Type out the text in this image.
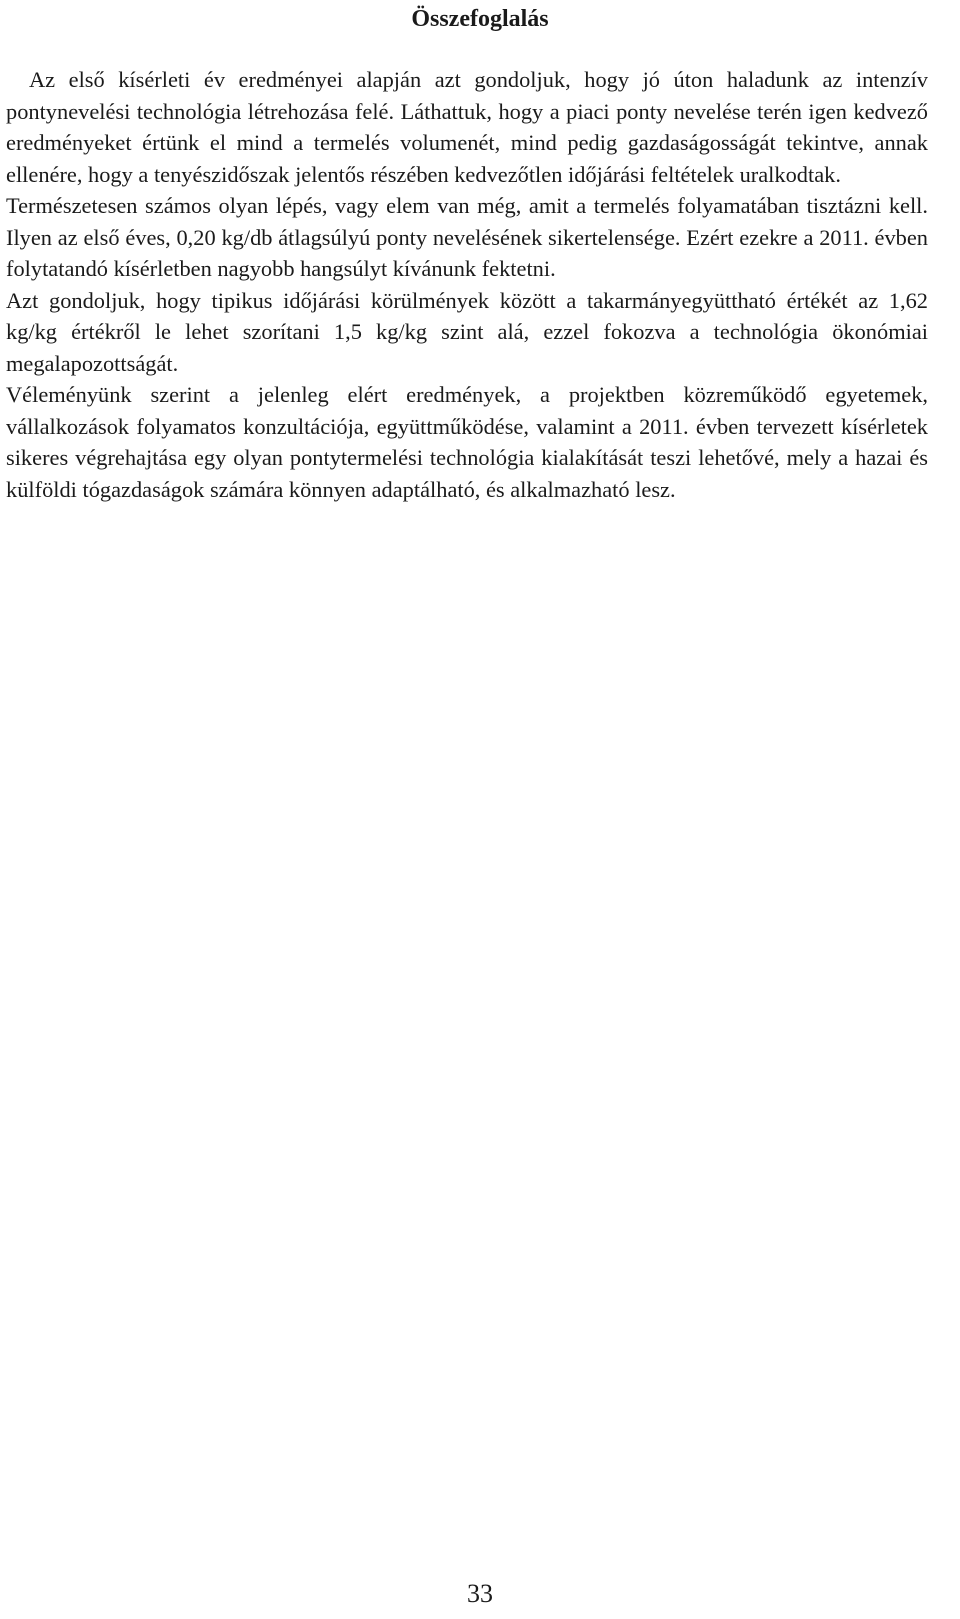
Összefoglalás

Az első kísérleti év eredményei alapján azt gondoljuk, hogy jó úton haladunk az intenzív pontynevelési technológia létrehozása felé. Láthattuk, hogy a piaci ponty nevelése terén igen kedvező eredményeket értünk el mind a termelés volumenét, mind pedig gazdaságosságát tekintve, annak ellenére, hogy a tenyészidőszak jelentős részében kedvezőtlen időjárási feltételek uralkodtak.

Természetesen számos olyan lépés, vagy elem van még, amit a termelés folyamatában tisztázni kell. Ilyen az első éves, 0,20 kg/db átlagsúlyú ponty nevelésének sikertelensége. Ezért ezekre a 2011. évben folytatandó kísérletben nagyobb hangsúlyt kívánunk fektetni.

Azt gondoljuk, hogy tipikus időjárási körülmények között a takarmányegyüttható értékét az 1,62 kg/kg értékről le lehet szorítani 1,5 kg/kg szint alá, ezzel fokozva a technológia ökonómiai megalapozottságát.

Véleményünk szerint a jelenleg elért eredmények, a projektben közreműködő egyetemek, vállalkozások folyamatos konzultációja, együttműködése, valamint a 2011. évben tervezett kísérletek sikeres végrehajtása egy olyan pontytermelési technológia kialakítását teszi lehetővé, mely a hazai és külföldi tógazdaságok számára könnyen adaptálható, és alkalmazható lesz.

33
